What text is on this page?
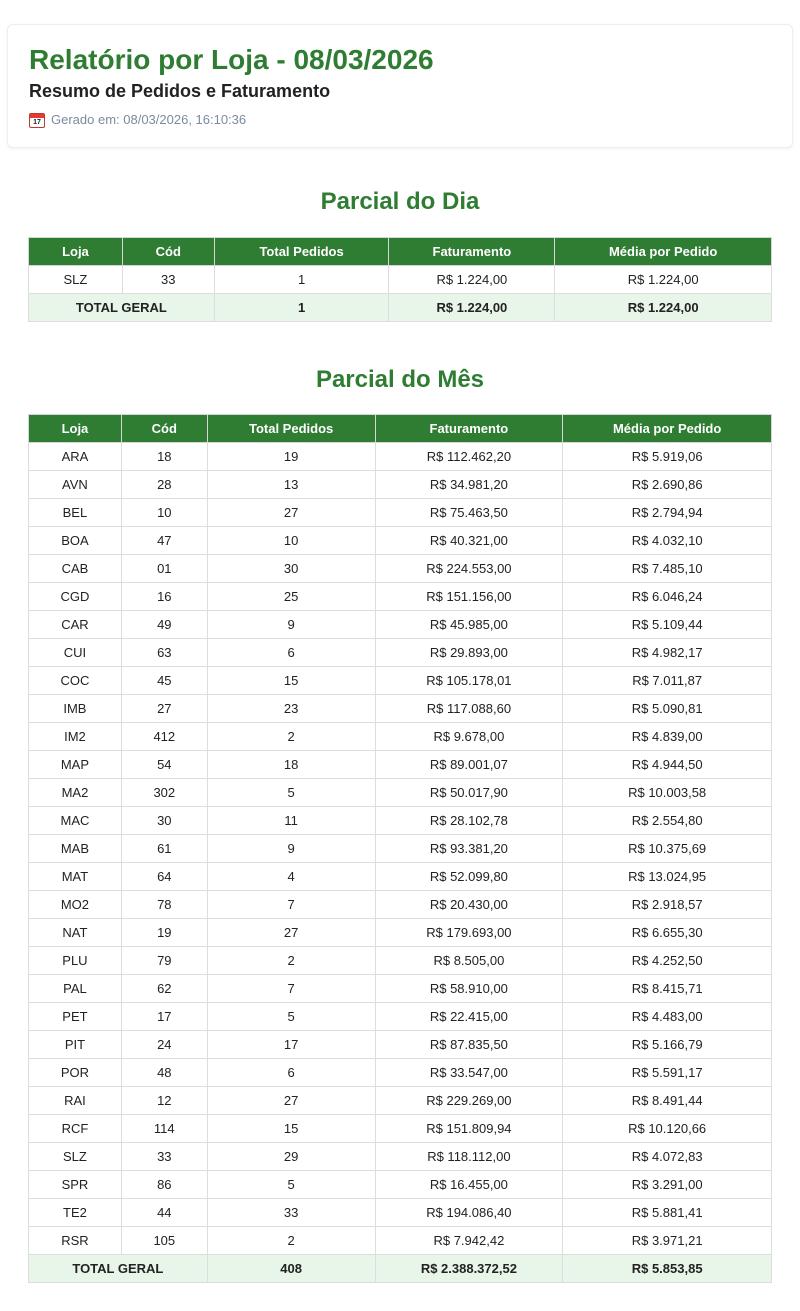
Relatório por Loja - 08/03/2026
Resumo de Pedidos e Faturamento
17
Gerado em: 08/03/2026, 16:10:36
Parcial do Dia
Loja	Cód	Total Pedidos	Faturamento	Média por Pedido
SLZ	33	1	R$ 1.224,00	R$ 1.224,00
TOTAL GERAL		1	R$ 1.224,00	R$ 1.224,00
Parcial do Mês
Loja	Cód	Total Pedidos	Faturamento	Média por Pedido
ARA	18	19	R$ 112.462,20	R$ 5.919,06
AVN	28	13	R$ 34.981,20	R$ 2.690,86
BEL	10	27	R$ 75.463,50	R$ 2.794,94
BOA	47	10	R$ 40.321,00	R$ 4.032,10
CAB	01	30	R$ 224.553,00	R$ 7.485,10
CGD	16	25	R$ 151.156,00	R$ 6.046,24
CAR	49	9	R$ 45.985,00	R$ 5.109,44
CUI	63	6	R$ 29.893,00	R$ 4.982,17
COC	45	15	R$ 105.178,01	R$ 7.011,87
IMB	27	23	R$ 117.088,60	R$ 5.090,81
IM2	412	2	R$ 9.678,00	R$ 4.839,00
MAP	54	18	R$ 89.001,07	R$ 4.944,50
MA2	302	5	R$ 50.017,90	R$ 10.003,58
MAC	30	11	R$ 28.102,78	R$ 2.554,80
MAB	61	9	R$ 93.381,20	R$ 10.375,69
MAT	64	4	R$ 52.099,80	R$ 13.024,95
MO2	78	7	R$ 20.430,00	R$ 2.918,57
NAT	19	27	R$ 179.693,00	R$ 6.655,30
PLU	79	2	R$ 8.505,00	R$ 4.252,50
PAL	62	7	R$ 58.910,00	R$ 8.415,71
PET	17	5	R$ 22.415,00	R$ 4.483,00
PIT	24	17	R$ 87.835,50	R$ 5.166,79
POR	48	6	R$ 33.547,00	R$ 5.591,17
RAI	12	27	R$ 229.269,00	R$ 8.491,44
RCF	114	15	R$ 151.809,94	R$ 10.120,66
SLZ	33	29	R$ 118.112,00	R$ 4.072,83
SPR	86	5	R$ 16.455,00	R$ 3.291,00
TE2	44	33	R$ 194.086,40	R$ 5.881,41
RSR	105	2	R$ 7.942,42	R$ 3.971,21
TOTAL GERAL		408	R$ 2.388.372,52	R$ 5.853,85
